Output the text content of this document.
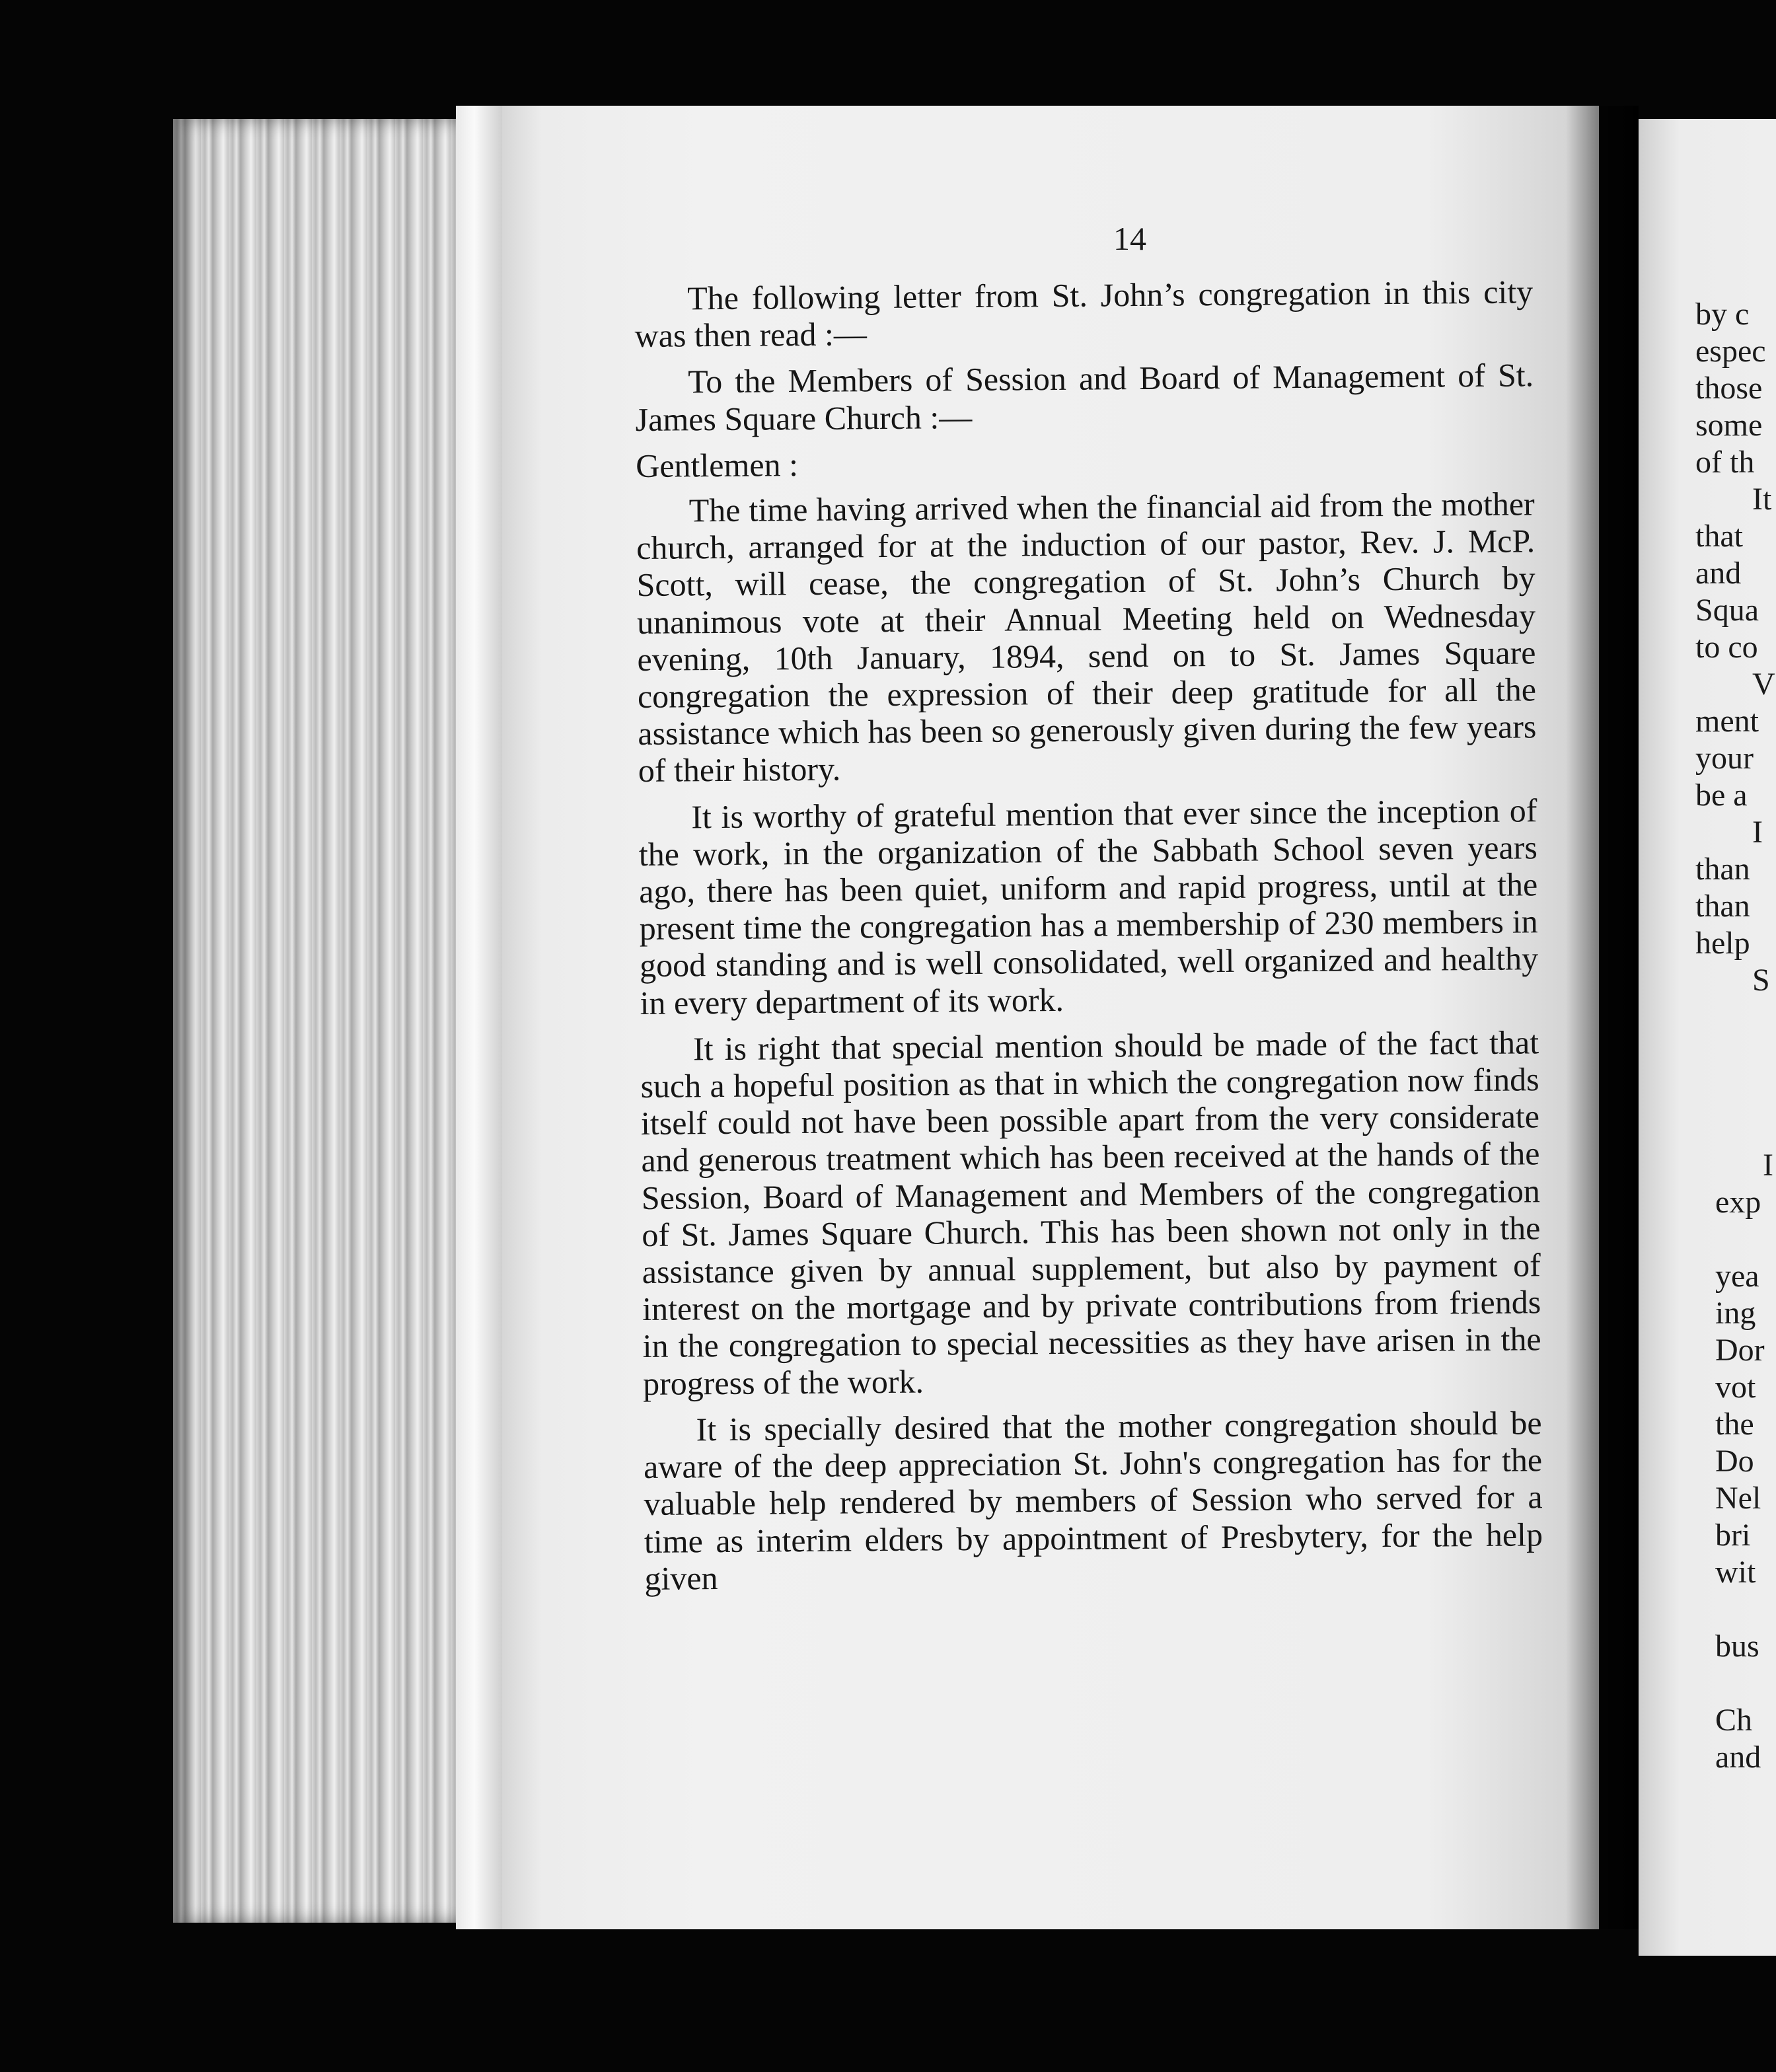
14

The following letter from St. John’s congregation in this city was then read :—

To the Members of Session and Board of Management of St. James Square Church :—

Gentlemen :

The time having arrived when the financial aid from the mother church, arranged for at the induction of our pastor, Rev. J. McP. Scott, will cease, the congregation of St. John’s Church by unanimous vote at their Annual Meeting held on Wednesday evening, 10th January, 1894, send on to St. James Square congregation the expression of their deep gratitude for all the assistance which has been so generously given during the few years of their history.

It is worthy of grateful mention that ever since the inception of the work, in the organization of the Sabbath School seven years ago, there has been quiet, uniform and rapid progress, until at the present time the congregation has a membership of 230 members in good standing and is well consolidated, well organized and healthy in every department of its work.

It is right that special mention should be made of the fact that such a hopeful position as that in which the congregation now finds itself could not have been possible apart from the very considerate and generous treatment which has been received at the hands of the Session, Board of Management and Members of the congregation of St. James Square Church. This has been shown not only in the assistance given by annual supplement, but also by payment of interest on the mortgage and by private contributions from friends in the congregation to special necessities as they have arisen in the progress of the work.

It is specially desired that the mother congregation should be aware of the deep appreciation St. John's congregation has for the valuable help rendered by members of Session who served for a time as interim elders by appointment of Presbytery, for the help given

by c
espec
those
some
of th
It
that
and
Squa
to co
V
ment
your
be a
I
than
than
help
S
I
exp
yea
ing
Dor
vot
the
Do
Nel
bri
wit
bus
Ch
and
